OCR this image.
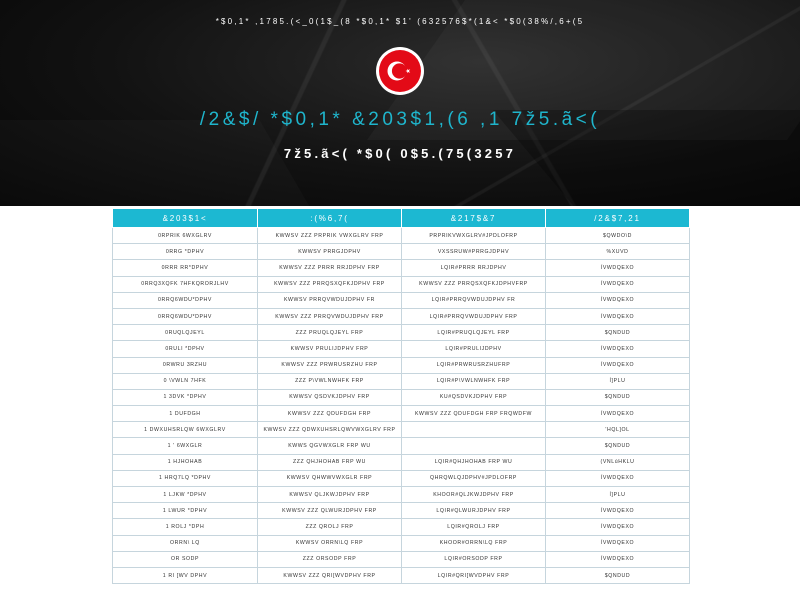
*$0,1* ,1785.(<_0(1$_(8 *$0,1* $1' (632576$*(1&< *$0(38%/,6+(5
/2&$/ *$0,1* &203$1,(6 ,1 7ž5.ã<(
7ž5.ã<( *$0( 0$5.(75(3257
&203$1<	:(%6,7(	&217$&7	/2&$7,21
0RPRIK 6WXGLRV	KWWSV ZZZ PRPRIK VWXGLRV FRP	PRPRIKVWXGLRV#JPDLOFRP	$QWDO\D
0RRG *DPHV	KWWSV PRRGJDPHV	VXSSRUW#PRRGJDPHV	%XUVD
0RRR RR*DPHV	KWWSV ZZZ PRRR RRJDPHV FRP	LQIR#PRRR RRJDPHV	ÍVWDQEXO
0RRQ3XQFK 7HFKQRORJLHV	KWWSV ZZZ PRRQSXQFKJDPHV FRP	KWWSV ZZZ PRRQSXQFKJDPHVFRP	ÍVWDQEXO
0RRQ6WDU*DPHV	KWWSV PRRQVWDUJDPHV FR	LQIR#PRRQVWDUJDPHV FR	ÍVWDQEXO
0RRQ6WDU*DPHV	KWWSV ZZZ PRRQVWDUJDPHV FRP	LQIR#PRRQVWDUJDPHV FRP	ÍVWDQEXO
0RUQLQJEYL	ZZZ PRUQLQJEYL FRP	LQIR#PRUQLQJEYL FRP	$QNDUD
0RULI *DPHV	KWWSV PRULIJDPHV FRP	LQIR#PRULIJDPHV	ÍVWDQEXO
0RWRU 3RZHU	KWWSV ZZZ PRWRUSRZHU FRP	LQIR#PRWRUSRZHUFRP	ÍVWDQEXO
0 \VWLN 7HFK	ZZZ P\VWLNWHFK FRP	LQIR#P\VWLNWHFK FRP	Í]PLU
1 3DVK *DPHV	KWWSV QSDVKJDPHV FRP	KU#QSDVKJDPHV FRP	$QNDUD
1 DUFDGH	KWWSV ZZZ QDUFDGH FRP	KWWSV ZZZ QDUFDGH FRP FRQWDFW	ÍVWDQEXO
1 DWXUHSRLQW 6WXGLRV	KWWSV ZZZ QDWXUHSRLQWVWXGLRV FRP		'HQL]OL
1 ' 6WXGLR	KWWS QGVWXGLR FRP WU		$QNDUD
1 HJHOHAB	ZZZ QHJHOHAB FRP WU	LQIR#QHJHOHAB FRP WU	(VNLúHKLU
1 HRQ7LQ *DPHV	KWWSV QHWWVWXGLR FRP	QHRQWLQJDPHV#JPDLOFRP	ÍVWDQEXO
1 LJKW *DPHV	KWWSV QLJKWJDPHV FRP	KHOOR#QLJKWJDPHV FRP	Í]PLU
1 LWUR *DPHV	KWWSV ZZZ QLWURJDPHV FRP	LQIR#QLWURJDPHV FRP	ÍVWDQEXO
1 ROLJ *DPH	ZZZ QROLJ FRP	LQIR#QROLJ FRP	ÍVWDQEXO
ORRN\ LQ	KWWSV ORRN\LQ FRP	KHOOR#ORRN\LQ FRP	ÍVWDQEXO
OR SODP	ZZZ ORSODP FRP	LQIR#ORSODP FRP	ÍVWDQEXO
1 RI [WV DPHV	KWWSV ZZZ QRI[WVDPHV FRP	LQIR#QRI[WVDPHV FRP	$QNDUD
